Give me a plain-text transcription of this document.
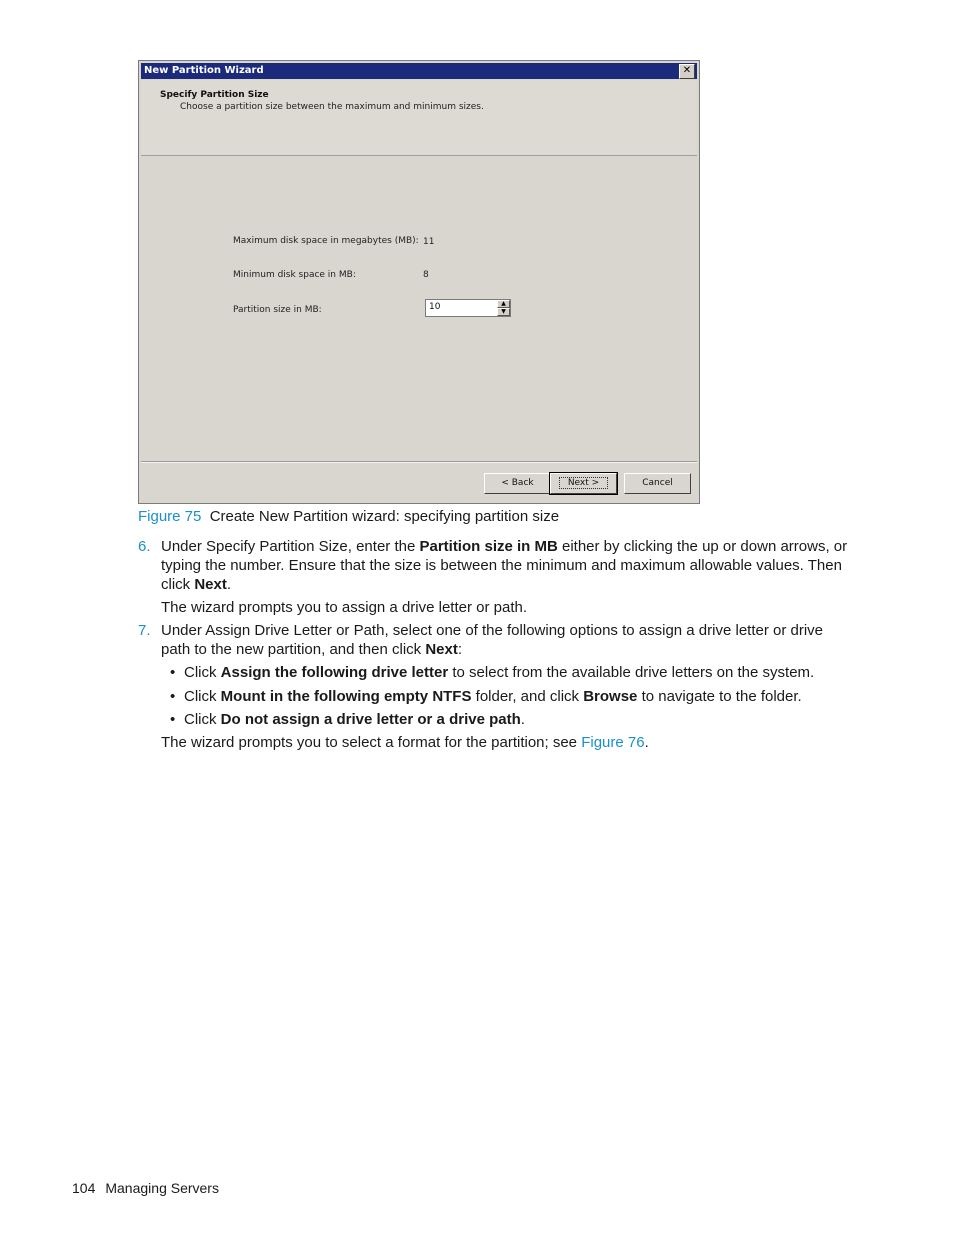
New Partition Wizard	✕
Specify Partition Size
Choose a partition size between the maximum and minimum sizes.
Maximum disk space in megabytes (MB): 11
Minimum disk space in MB:	8
Partition size in MB:	10	▲
▼
< Back	Next >	Cancel
Figure 75 Create New Partition wizard: specifying partition size
6. Under Specify Partition Size, enter the Partition size in MB either by clicking the up or down arrows, or typing the number. Ensure that the size is between the minimum and maximum allowable values. Then click Next.
The wizard prompts you to assign a drive letter or path.
7. Under Assign Drive Letter or Path, select one of the following options to assign a drive letter or drive path to the new partition, and then click Next:
• Click Assign the following drive letter to select from the available drive letters on the system.
• Click Mount in the following empty NTFS folder, and click Browse to navigate to the folder.
• Click Do not assign a drive letter or a drive path.
The wizard prompts you to select a format for the partition; see Figure 76.
104 Managing Servers
